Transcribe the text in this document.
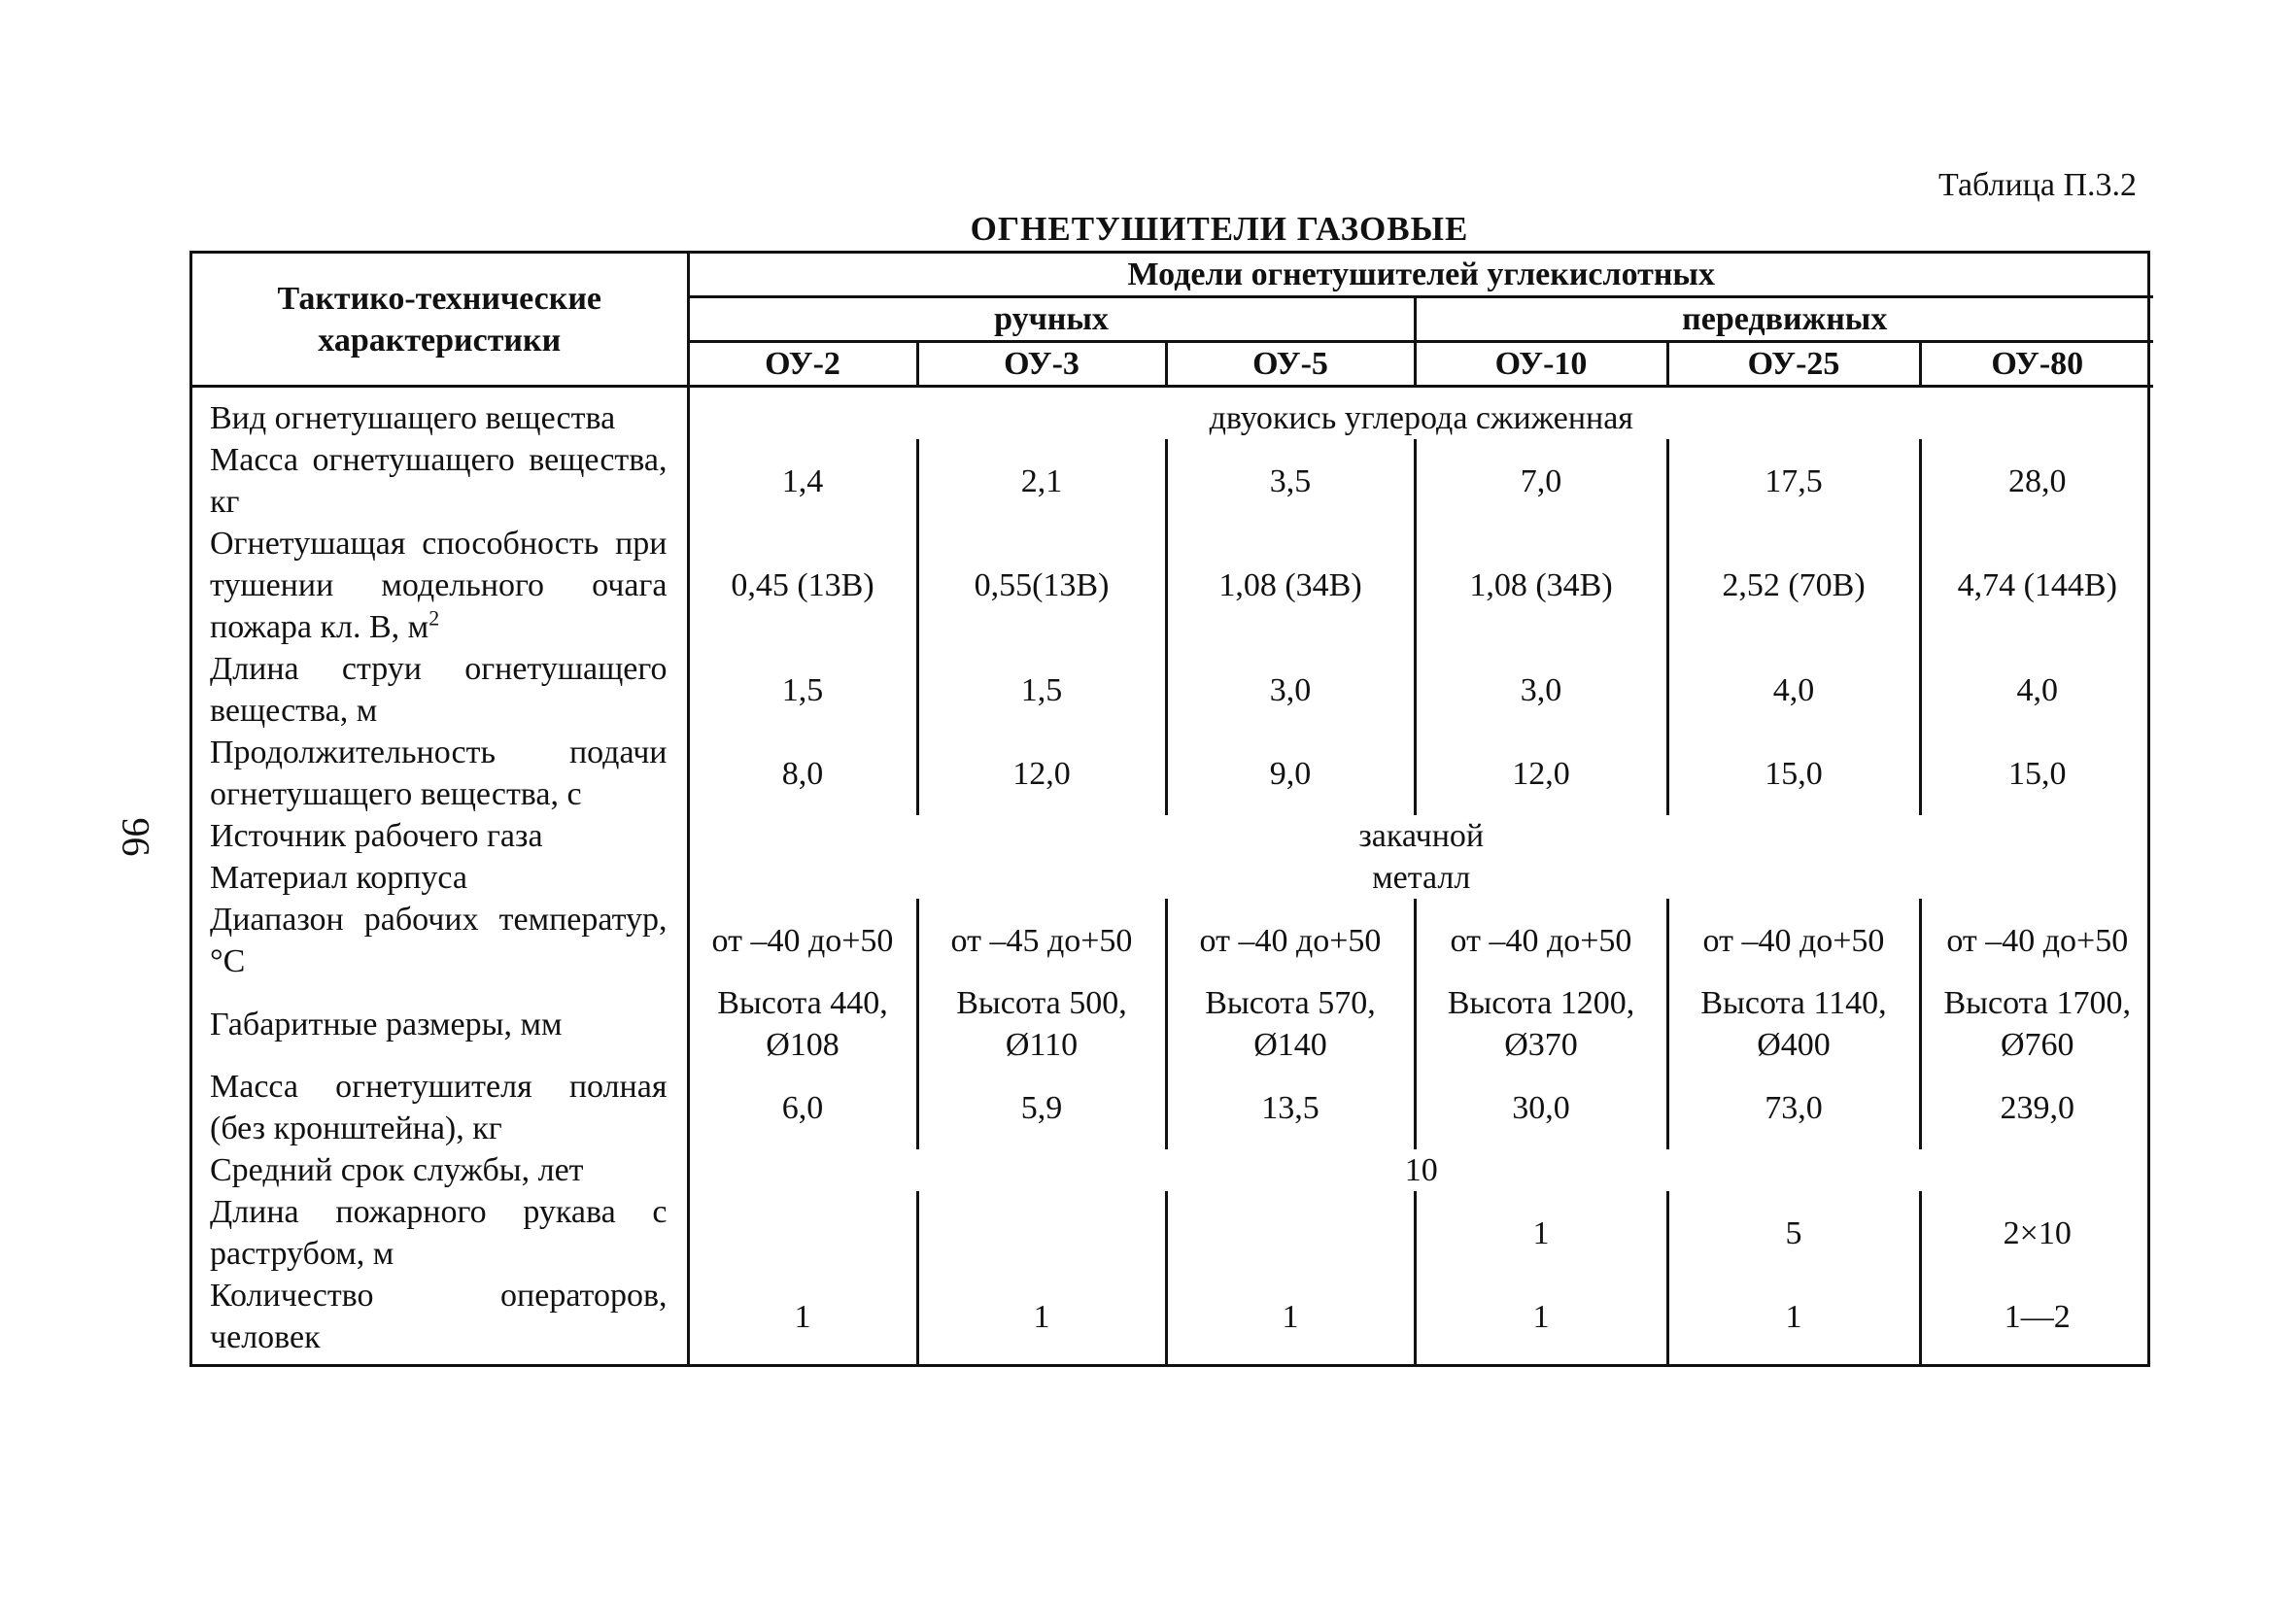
Таблица П.3.2
96
ОГНЕТУШИТЕЛИ ГАЗОВЫЕ
Тактико-технические характеристики	Модели огнетушителей углекислотных					
	ручных			передвижных		
	ОУ-2	ОУ-3	ОУ-5	ОУ-10	ОУ-25	ОУ-80
Вид огнетушащего вещества	двуокись углерода сжиженная					
Масса огнетушащего вещества, кг	1,4	2,1	3,5	7,0	17,5	28,0
Огнетушащая способность при тушении модельного очага пожара кл. В, $м^2$	0,45 (13В)	0,55(13В)	1,08 (34В)	1,08 (34В)	2,52 (70В)	4,74 (144В)
Длина струи огнетушащего вещества, м	1,5	1,5	3,0	3,0	4,0	4,0
Продолжительность подачи огнетушащего вещества, с	8,0	12,0	9,0	12,0	15,0	15,0
Источник рабочего газа	закачной					
Материал корпуса	металл					
Диапазон рабочих температур, °С	от –40 до+50	от –45 до+50	от –40 до+50	от –40 до+50	от –40 до+50	от –40 до+50
Габаритные размеры, мм	Высота 440, Ø108	Высота 500, Ø110	Высота 570, Ø140	Высота 1200, Ø370	Высота 1140, Ø400	Высота 1700, Ø760
Масса огнетушителя полная (без кронштейна), кг	6,0	5,9	13,5	30,0	73,0	239,0
Средний срок службы, лет	10					
Длина пожарного рукава с раструбом, м				1	5	2×10
Количество операторов, человек	1	1	1	1	1	1—2
